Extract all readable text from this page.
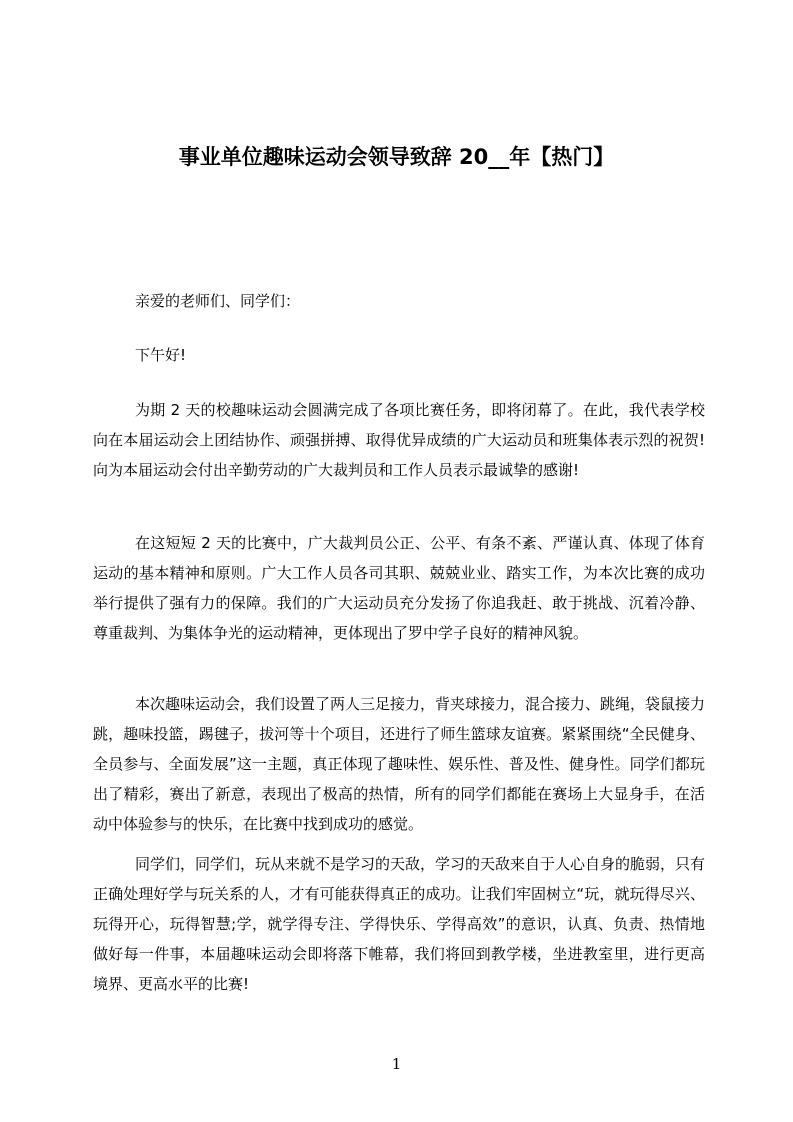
事业单位趣味运动会领导致辞 20__年【热门】

亲爱的老师们、同学们：

下午好!

为期 2 天的校趣味运动会圆满完成了各项比赛任务，即将闭幕了。在此，我代表学校向在本届运动会上团结协作、顽强拼搏、取得优异成绩的广大运动员和班集体表示烈的祝贺!向为本届运动会付出辛勤劳动的广大裁判员和工作人员表示最诚挚的感谢!

在这短短 2 天的比赛中，广大裁判员公正、公平、有条不紊、严谨认真、体现了体育运动的基本精神和原则。广大工作人员各司其职、兢兢业业、踏实工作，为本次比赛的成功举行提供了强有力的保障。我们的广大运动员充分发扬了你追我赶、敢于挑战、沉着冷静、尊重裁判、为集体争光的运动精神，更体现出了罗中学子良好的精神风貌。

本次趣味运动会，我们设置了两人三足接力，背夹球接力，混合接力、跳绳，袋鼠接力跳，趣味投篮，踢毽子，拔河等十个项目，还进行了师生篮球友谊赛。紧紧围绕“全民健身、全员参与、全面发展”这一主题，真正体现了趣味性、娱乐性、普及性、健身性。同学们都玩出了精彩，赛出了新意，表现出了极高的热情，所有的同学们都能在赛场上大显身手，在活动中体验参与的快乐，在比赛中找到成功的感觉。

同学们，同学们，玩从来就不是学习的天敌，学习的天敌来自于人心自身的脆弱，只有正确处理好学与玩关系的人，才有可能获得真正的成功。让我们牢固树立“玩，就玩得尽兴、玩得开心，玩得智慧;学，就学得专注、学得快乐、学得高效”的意识，认真、负责、热情地做好每一件事，本届趣味运动会即将落下帷幕，我们将回到教学楼，坐进教室里，进行更高境界、更高水平的比赛!

1
